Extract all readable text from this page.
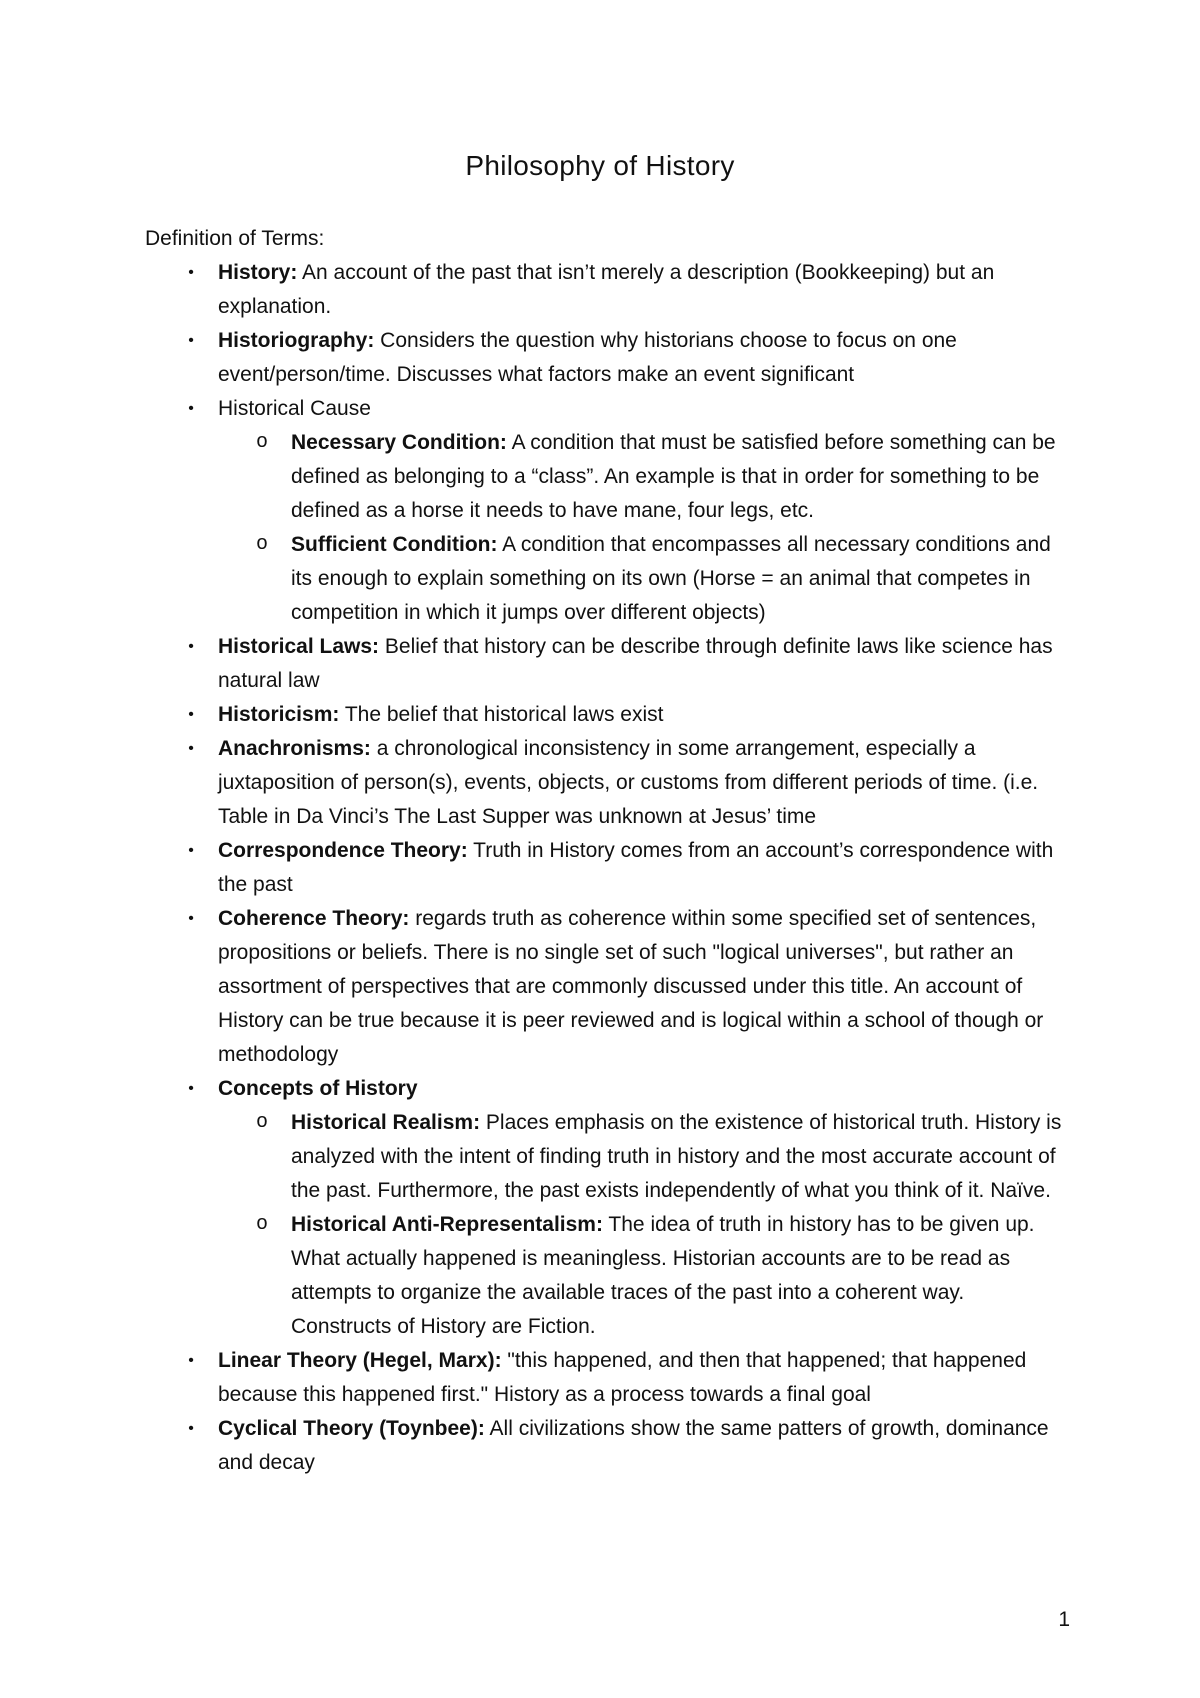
Philosophy of History

Definition of Terms:

• History: An account of the past that isn’t merely a description (Bookkeeping) but an explanation.
• Historiography: Considers the question why historians choose to focus on one event/person/time. Discusses what factors make an event significant
• Historical Cause
o Necessary Condition: A condition that must be satisfied before something can be defined as belonging to a “class”. An example is that in order for something to be defined as a horse it needs to have mane, four legs, etc.
o Sufficient Condition: A condition that encompasses all necessary conditions and its enough to explain something on its own (Horse = an animal that competes in competition in which it jumps over different objects)
• Historical Laws: Belief that history can be describe through definite laws like science has natural law
• Historicism: The belief that historical laws exist
• Anachronisms: a chronological inconsistency in some arrangement, especially a juxtaposition of person(s), events, objects, or customs from different periods of time. (i.e. Table in Da Vinci’s The Last Supper was unknown at Jesus’ time
• Correspondence Theory: Truth in History comes from an account’s correspondence with the past
• Coherence Theory: regards truth as coherence within some specified set of sentences, propositions or beliefs. There is no single set of such "logical universes", but rather an assortment of perspectives that are commonly discussed under this title. An account of History can be true because it is peer reviewed and is logical within a school of though or methodology
• Concepts of History
o Historical Realism: Places emphasis on the existence of historical truth. History is analyzed with the intent of finding truth in history and the most accurate account of the past. Furthermore, the past exists independently of what you think of it. Naïve.
o Historical Anti-Representalism: The idea of truth in history has to be given up. What actually happened is meaningless. Historian accounts are to be read as attempts to organize the available traces of the past into a coherent way. Constructs of History are Fiction.
• Linear Theory (Hegel, Marx): "this happened, and then that happened; that happened because this happened first." History as a process towards a final goal
• Cyclical Theory (Toynbee): All civilizations show the same patters of growth, dominance and decay
1
